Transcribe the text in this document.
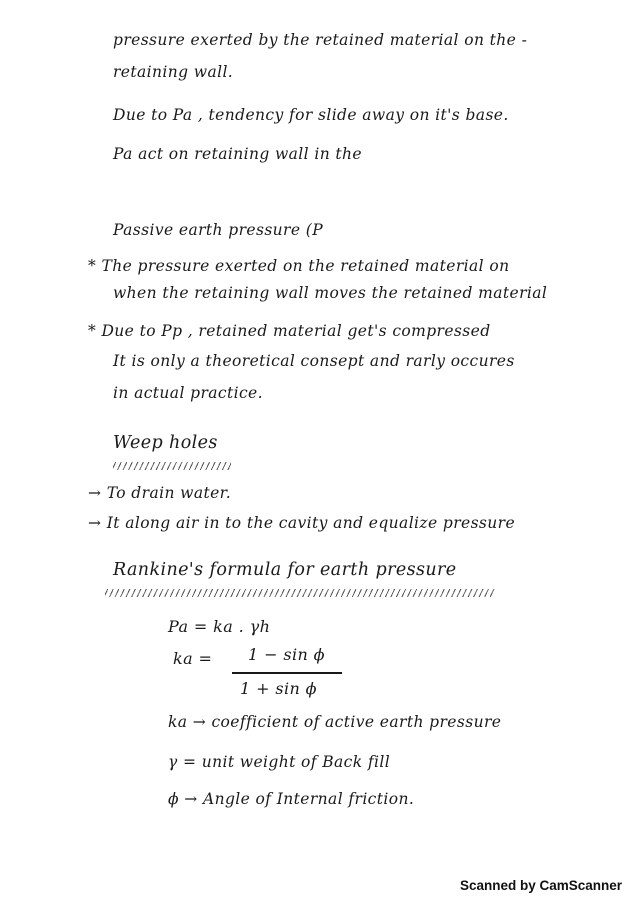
pressure exerted by the retained material on the -
retaining wall.
Due to Pa , tendency for slide away on it's base.
Pa act on retaining wall in the
Passive earth pressure (P
* The pressure exerted on the retained material on
when the retaining wall moves the retained material
* Due to Pp , retained material get's compressed
It is only a theoretical consept and rarly occures
in actual practice.
Weep holes
→ To drain water.
→ It along air in to the cavity and equalize pressure
Rankine's formula for earth pressure
Pa = ka . γh
ka = 1 − sin ϕ
1 + sin ϕ
ka → coefficient of active earth pressure
γ = unit weight of Back fill
ϕ → Angle of Internal friction.
Scanned by CamScanner
